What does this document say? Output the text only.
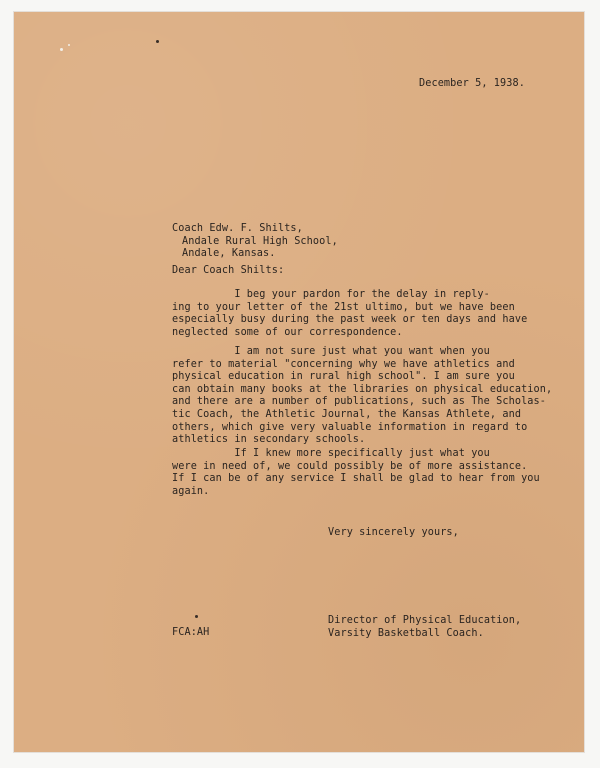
December 5, 1938.
Coach Edw. F. Shilts,
Andale Rural High School,
Andale, Kansas.
Dear Coach Shilts:
I beg your pardon for the delay in reply-
ing to your letter of the 21st ultimo, but we have been
especially busy during the past week or ten days and have
neglected some of our correspondence.
I am not sure just what you want when you
refer to material "concerning why we have athletics and
physical education in rural high school". I am sure you
can obtain many books at the libraries on physical education,
and there are a number of publications, such as The Scholas-
tic Coach, the Athletic Journal, the Kansas Athlete, and
others, which give very valuable information in regard to
athletics in secondary schools.
If I knew more specifically just what you
were in need of, we could possibly be of more assistance.
If I can be of any service I shall be glad to hear from you
again.
Very sincerely yours,
FCA:AH
Director of Physical Education,
Varsity Basketball Coach.
